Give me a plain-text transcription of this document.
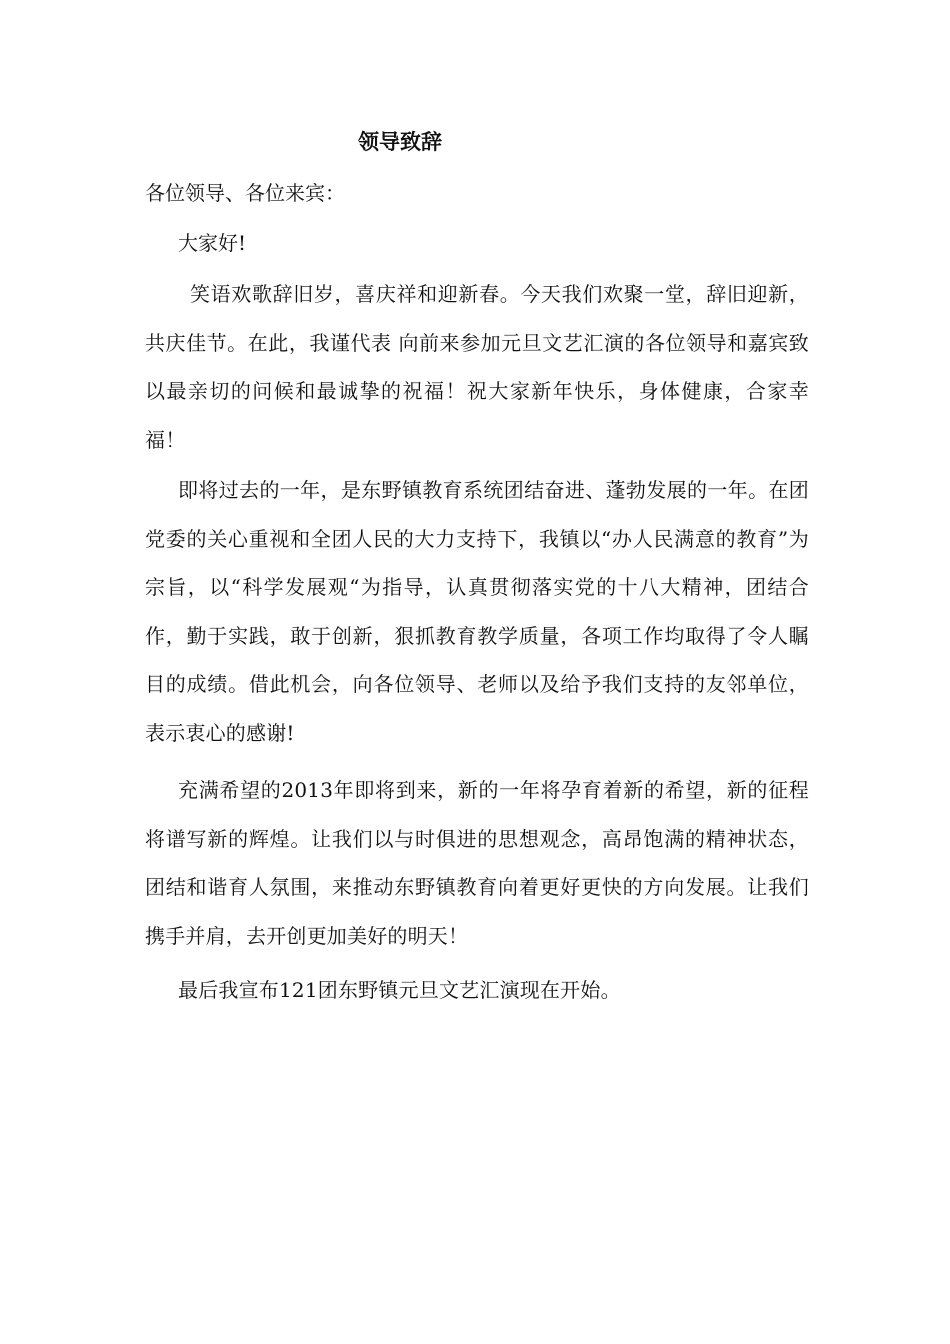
领导致辞

各位领导、各位来宾：

大家好!

笑语欢歌辞旧岁，喜庆祥和迎新春。今天我们欢聚一堂，辞旧迎新，共庆佳节。在此，我谨代表 向前来参加元旦文艺汇演的各位领导和嘉宾致以最亲切的问候和最诚挚的祝福！祝大家新年快乐，身体健康，合家幸福！

即将过去的一年，是东野镇教育系统团结奋进、蓬勃发展的一年。在团党委的关心重视和全团人民的大力支持下，我镇以“办人民满意的教育”为宗旨，以“科学发展观“为指导，认真贯彻落实党的十八大精神，团结合作，勤于实践，敢于创新，狠抓教育教学质量，各项工作均取得了令人瞩目的成绩。借此机会，向各位领导、老师以及给予我们支持的友邻单位，表示衷心的感谢!

充满希望的2013年即将到来，新的一年将孕育着新的希望，新的征程将谱写新的辉煌。让我们以与时俱进的思想观念，高昂饱满的精神状态，团结和谐育人氛围，来推动东野镇教育向着更好更快的方向发展。让我们携手并肩，去开创更加美好的明天！

最后我宣布121团东野镇元旦文艺汇演现在开始。
